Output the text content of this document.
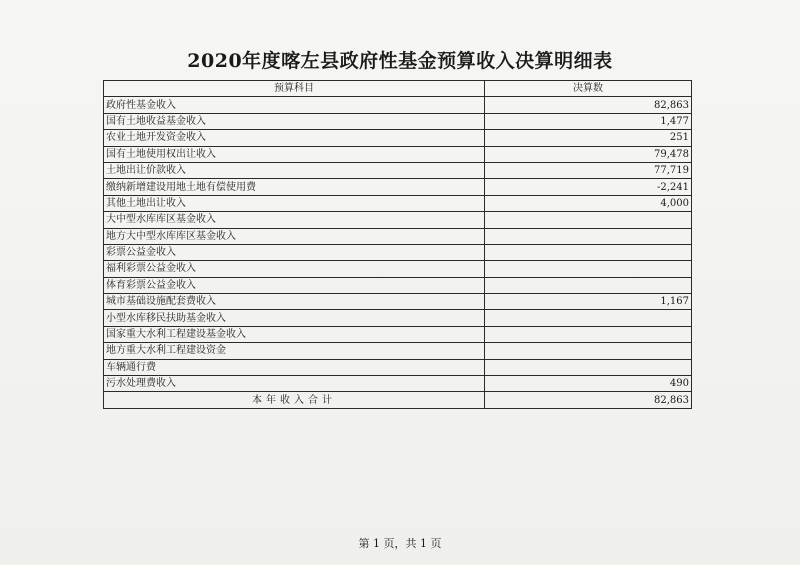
2020年度喀左县政府性基金预算收入决算明细表
预算科目	决算数
政府性基金收入	82,863
国有土地收益基金收入	1,477
农业土地开发资金收入	251
国有土地使用权出让收入	79,478
土地出让价款收入	77,719
缴纳新增建设用地土地有偿使用费	-2,241
其他土地出让收入	4,000
大中型水库库区基金收入	
地方大中型水库库区基金收入	
彩票公益金收入	
福利彩票公益金收入	
体育彩票公益金收入	
城市基础设施配套费收入	1,167
小型水库移民扶助基金收入	
国家重大水利工程建设基金收入	
地方重大水利工程建设资金	
车辆通行费	
污水处理费收入	490
本年收入合计	82,863
第 1 页，共 1 页
